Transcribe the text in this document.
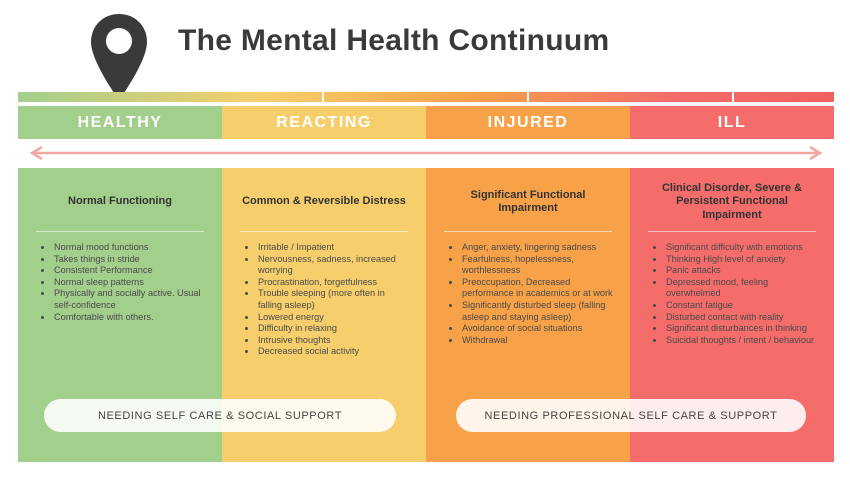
The Mental Health Continuum
HEALTHY	REACTING	INJURED	ILL
Normal Functioning
Normal mood functions
Takes things in stride
Consistent Performance
Normal sleep patterns
Physically and socially active. Usual self-confidence
Comfortable with others.
Common & Reversible Distress
Irritable / Impatient
Nervousness, sadness, increased worrying
Procrastination, forgetfulness
Trouble sleeping (more often in falling asleep)
Lowered energy
Difficulty in relaxing
Intrusive thoughts
Decreased social activity
Significant Functional Impairment
Anger, anxiety, lingering sadness
Fearfulness, hopelessness, worthlessness
Preoccupation, Decreased performance in academics or at work
Significantly disturbed sleep (falling asleep and staying asleep)
Avoidance of social situations
Withdrawal
Clinical Disorder, Severe & Persistent Functional Impairment
Significant difficulty with emotions
Thinking High level of anxiety
Panic attacks
Depressed mood, feeling overwhelmed
Constant fatigue
Disturbed contact with reality
Significant disturbances in thinking
Suicidal thoughts / intent / behaviour
NEEDING SELF CARE & SOCIAL SUPPORT	NEEDING PROFESSIONAL SELF CARE & SUPPORT
